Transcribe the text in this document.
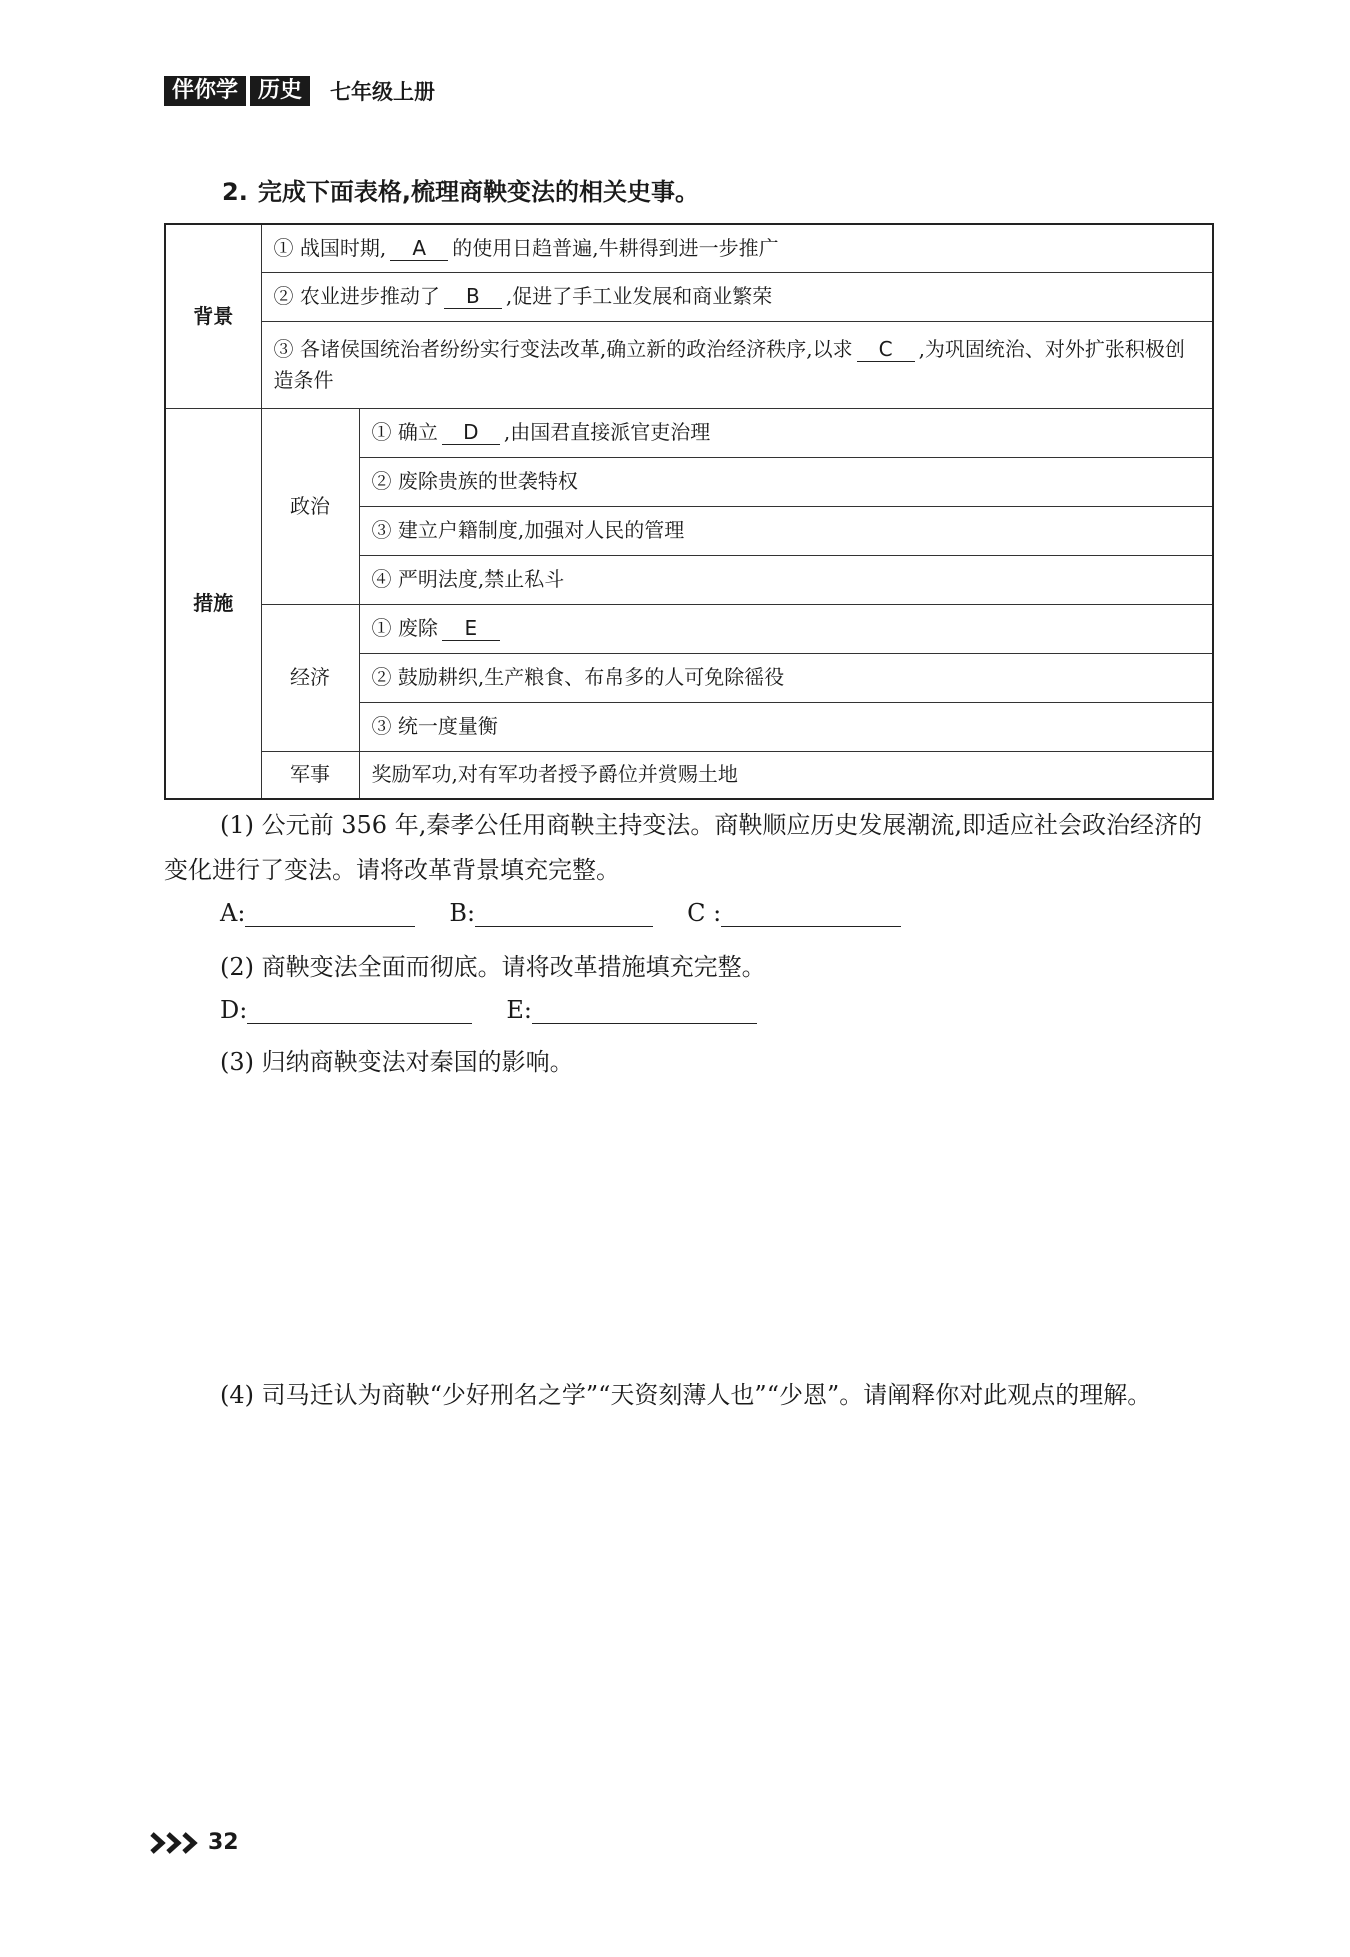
伴你学 历史	七年级上册
2. 完成下面表格,梳理商鞅变法的相关史事。
背景	① 战国时期, A 的使用日趋普遍,牛耕得到进一步推广	
	② 农业进步推动了 B ,促进了手工业发展和商业繁荣	
	③ 各诸侯国统治者纷纷实行变法改革,确立新的政治经济秩序,以求 C ,为巩固统治、对外扩张积极创造条件	
措施	政治	① 确立 D ,由国君直接派官吏治理
		② 废除贵族的世袭特权
		③ 建立户籍制度,加强对人民的管理
		④ 严明法度,禁止私斗
	经济	① 废除 E
		② 鼓励耕织,生产粮食、布帛多的人可免除徭役
		③ 统一度量衡
	军事	奖励军功,对有军功者授予爵位并赏赐土地
(1) 公元前 356 年,秦孝公任用商鞅主持变法。商鞅顺应历史发展潮流,即适应社会政治经济的变化进行了变法。请将改革背景填充完整。
A:	B:	C :
(2) 商鞅变法全面而彻底。请将改革措施填充完整。
D:	E:
(3) 归纳商鞅变法对秦国的影响。
(4) 司马迁认为商鞅“少好刑名之学”“天资刻薄人也”“少恩”。请阐释你对此观点的理解。
32
